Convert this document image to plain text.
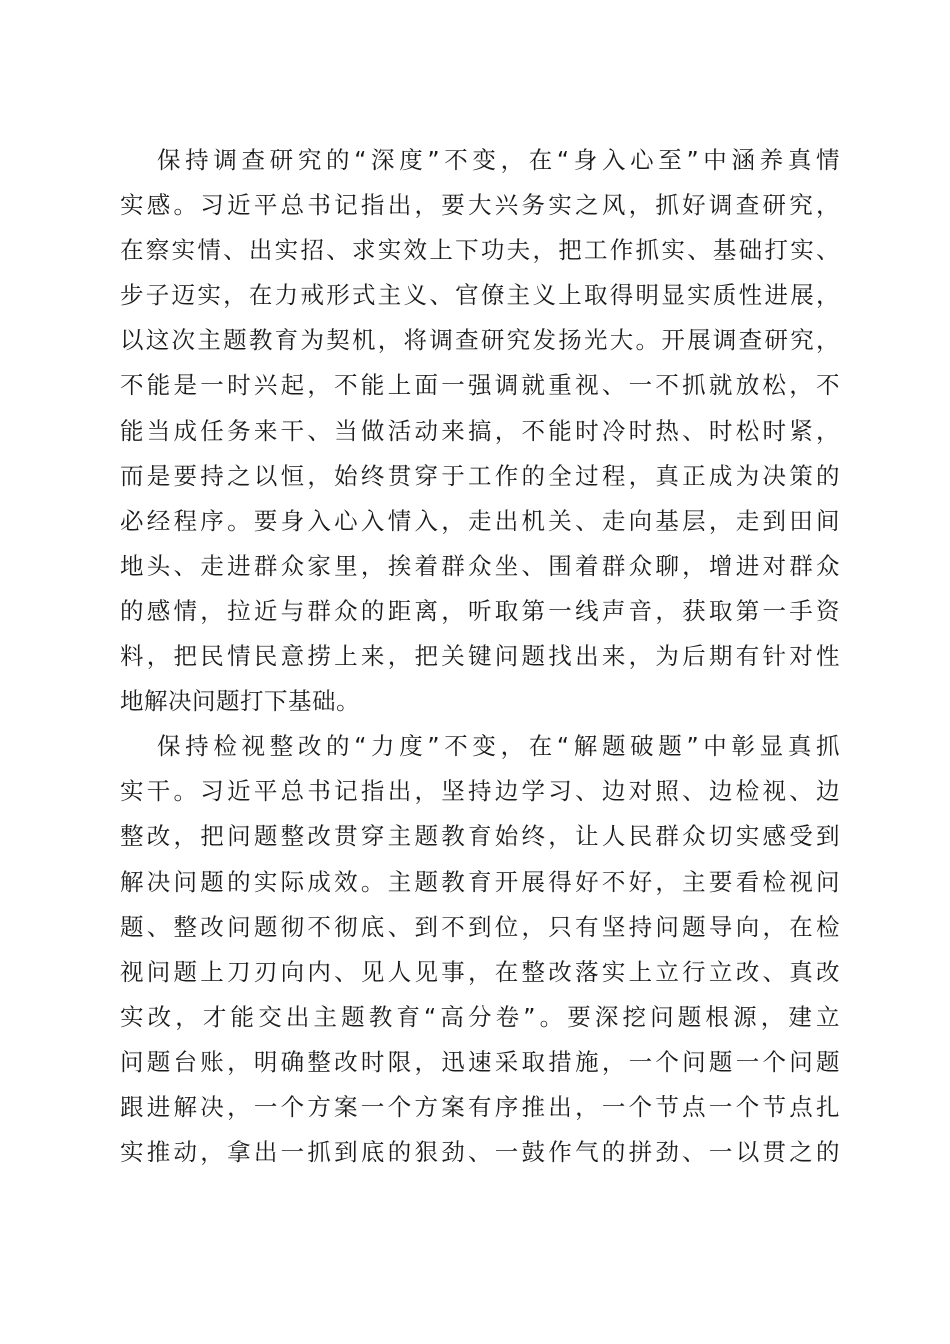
保持调查研究的“深度”不变，在“身入心至”中涵养真情
实感。习近平总书记指出，要大兴务实之风，抓好调查研究，
在察实情、出实招、求实效上下功夫，把工作抓实、基础打实、
步子迈实，在力戒形式主义、官僚主义上取得明显实质性进展，
以这次主题教育为契机，将调查研究发扬光大。开展调查研究，
不能是一时兴起，不能上面一强调就重视、一不抓就放松，不
能当成任务来干、当做活动来搞，不能时冷时热、时松时紧，
而是要持之以恒，始终贯穿于工作的全过程，真正成为决策的
必经程序。要身入心入情入，走出机关、走向基层，走到田间
地头、走进群众家里，挨着群众坐、围着群众聊，增进对群众
的感情，拉近与群众的距离，听取第一线声音，获取第一手资
料，把民情民意捞上来，把关键问题找出来，为后期有针对性
地解决问题打下基础。
保持检视整改的“力度”不变，在“解题破题”中彰显真抓
实干。习近平总书记指出，坚持边学习、边对照、边检视、边
整改，把问题整改贯穿主题教育始终，让人民群众切实感受到
解决问题的实际成效。主题教育开展得好不好，主要看检视问
题、整改问题彻不彻底、到不到位，只有坚持问题导向，在检
视问题上刀刃向内、见人见事，在整改落实上立行立改、真改
实改，才能交出主题教育“高分卷”。要深挖问题根源，建立
问题台账，明确整改时限，迅速采取措施，一个问题一个问题
跟进解决，一个方案一个方案有序推出，一个节点一个节点扎
实推动，拿出一抓到底的狠劲、一鼓作气的拼劲、一以贯之的
